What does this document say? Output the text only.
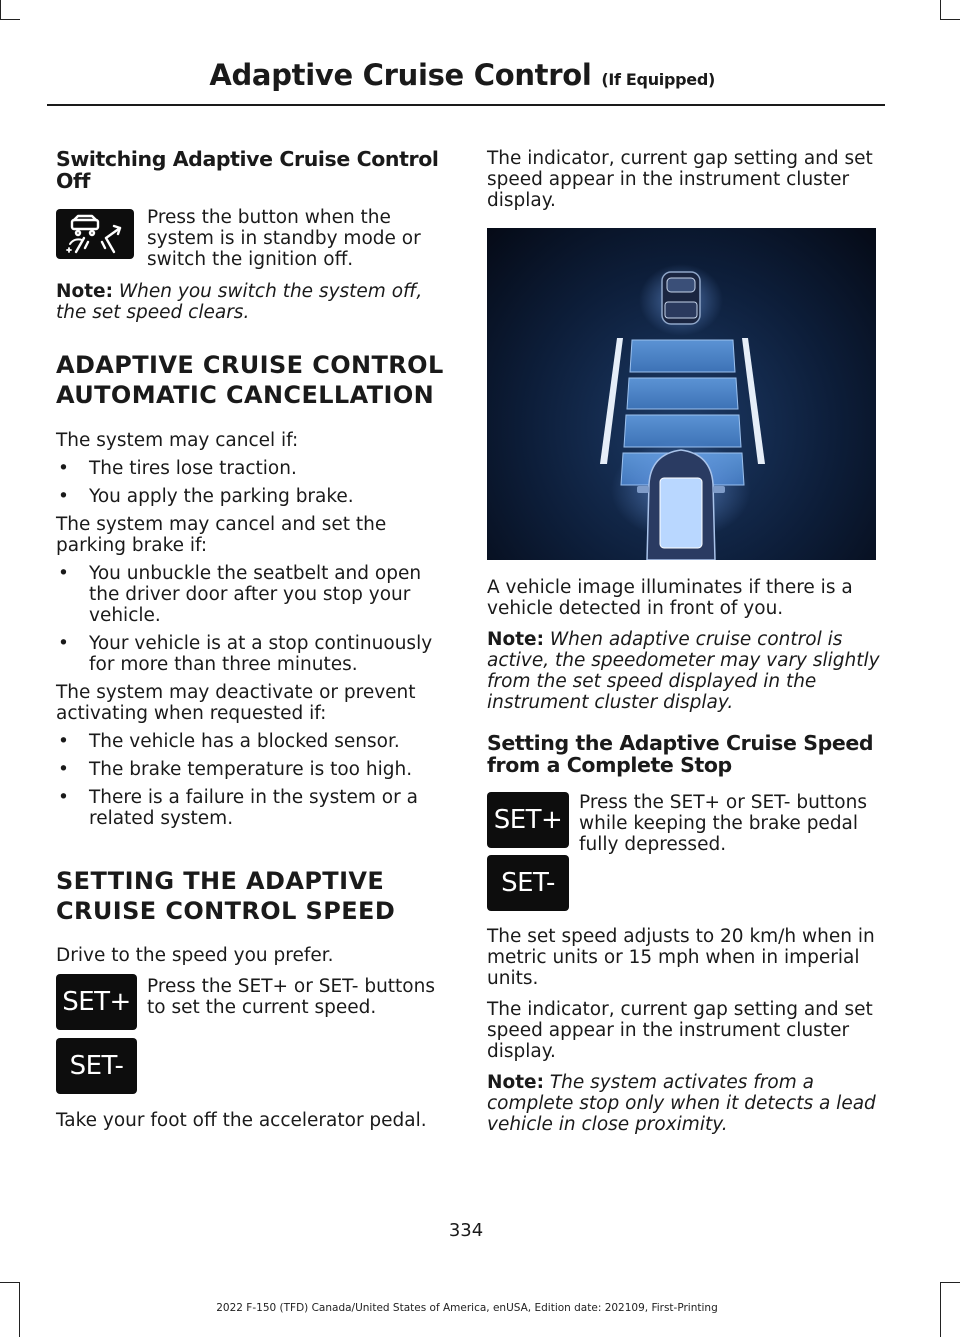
Adaptive Cruise Control (If Equipped)

Switching Adaptive Cruise Control Off

Press the button when the system is in standby mode or switch the ignition off.

Note: When you switch the system off, the set speed clears.

ADAPTIVE CRUISE CONTROL

AUTOMATIC CANCELLATION

The system may cancel if:

• The tires lose traction.

• You apply the parking brake.

The system may cancel and set the parking brake if:

• You unbuckle the seatbelt and open the driver door after you stop your vehicle.

• Your vehicle is at a stop continuously for more than three minutes.

The system may deactivate or prevent activating when requested if:

• The vehicle has a blocked sensor.

• The brake temperature is too high.

• There is a failure in the system or a related system.

SETTING THE ADAPTIVE

CRUISE CONTROL SPEED

Drive to the speed you prefer.

SET+
SET-

Press the SET+ or SET- buttons to set the current speed.

Take your foot off the accelerator pedal.

The indicator, current gap setting and set speed appear in the instrument cluster display.

A vehicle image illuminates if there is a vehicle detected in front of you.

Note: When adaptive cruise control is active, the speedometer may vary slightly from the set speed displayed in the instrument cluster display.

Setting the Adaptive Cruise Speed from a Complete Stop

SET+
SET-

Press the SET+ or SET- buttons while keeping the brake pedal fully depressed.

The set speed adjusts to 20 km/h when in metric units or 15 mph when in imperial units.

The indicator, current gap setting and set speed appear in the instrument cluster display.

Note: The system activates from a complete stop only when it detects a lead vehicle in close proximity.

334
2022 F-150 (TFD) Canada/United States of America, enUSA, Edition date: 202109, First-Printing
